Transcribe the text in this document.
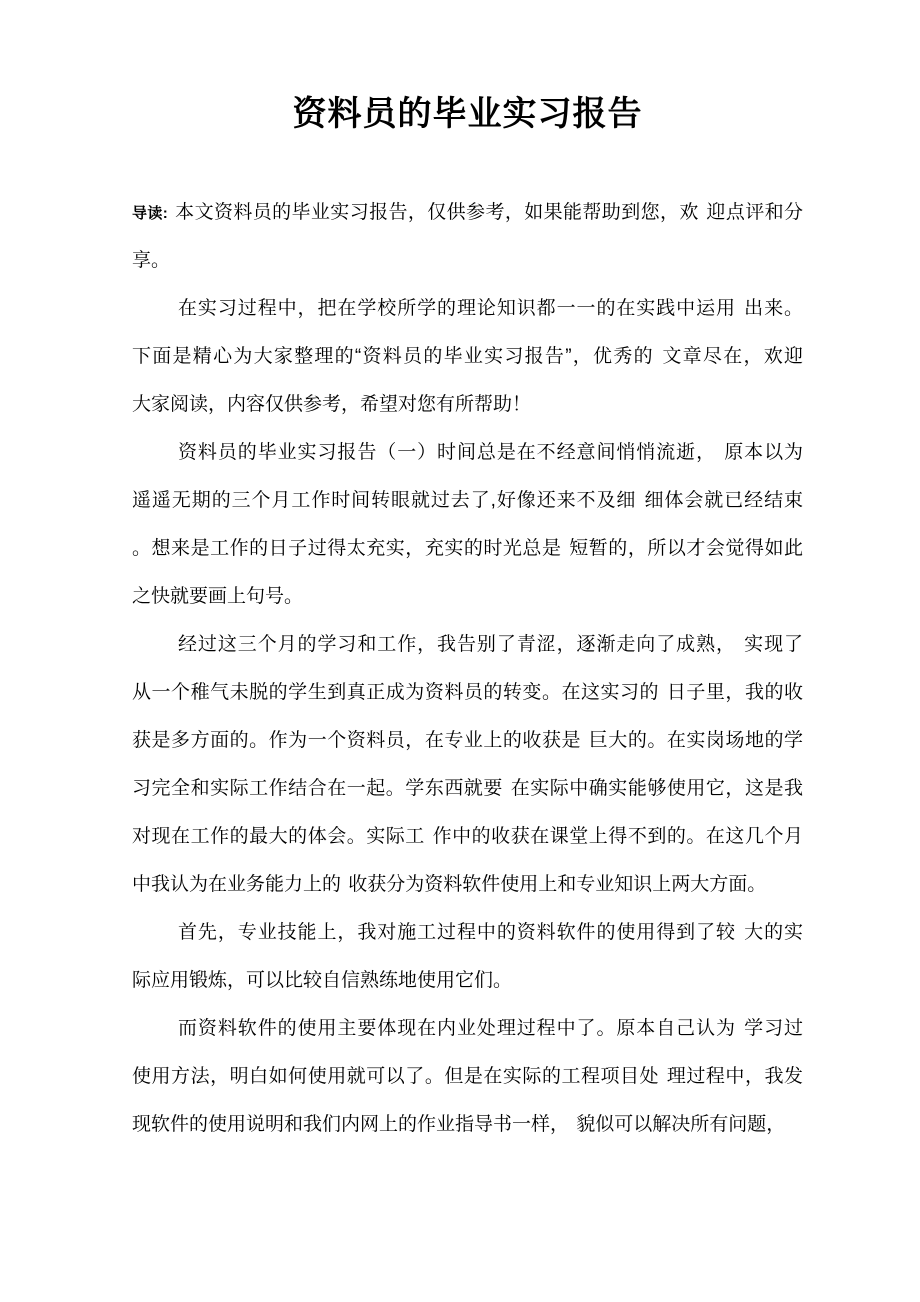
资料员的毕业实习报告
导读: 本文资料员的毕业实习报告，仅供参考，如果能帮助到您，欢 迎点评和分
享。
在实习过程中，把在学校所学的理论知识都一一的在实践中运用 出来。
下面是精心为大家整理的“资料员的毕业实习报告”，优秀的 文章尽在，欢迎
大家阅读，内容仅供参考，希望对您有所帮助！
资料员的毕业实习报告（一）时间总是在不经意间悄悄流逝， 原本以为
遥遥无期的三个月工作时间转眼就过去了,好像还来不及细 细体会就已经结束
。想来是工作的日子过得太充实，充实的时光总是 短暂的，所以才会觉得如此
之快就要画上句号。
经过这三个月的学习和工作，我告别了青涩，逐渐走向了成熟， 实现了
从一个稚气未脱的学生到真正成为资料员的转变。在这实习的 日子里，我的收
获是多方面的。作为一个资料员，在专业上的收获是 巨大的。在实岗场地的学
习完全和实际工作结合在一起。学东西就要 在实际中确实能够使用它，这是我
对现在工作的最大的体会。实际工 作中的收获在课堂上得不到的。在这几个月
中我认为在业务能力上的 收获分为资料软件使用上和专业知识上两大方面。
首先，专业技能上，我对施工过程中的资料软件的使用得到了较 大的实
际应用锻炼，可以比较自信熟练地使用它们。
而资料软件的使用主要体现在内业处理过程中了。原本自己认为 学习过
使用方法，明白如何使用就可以了。但是在实际的工程项目处 理过程中，我发
现软件的使用说明和我们内网上的作业指导书一样， 貌似可以解决所有问题，
